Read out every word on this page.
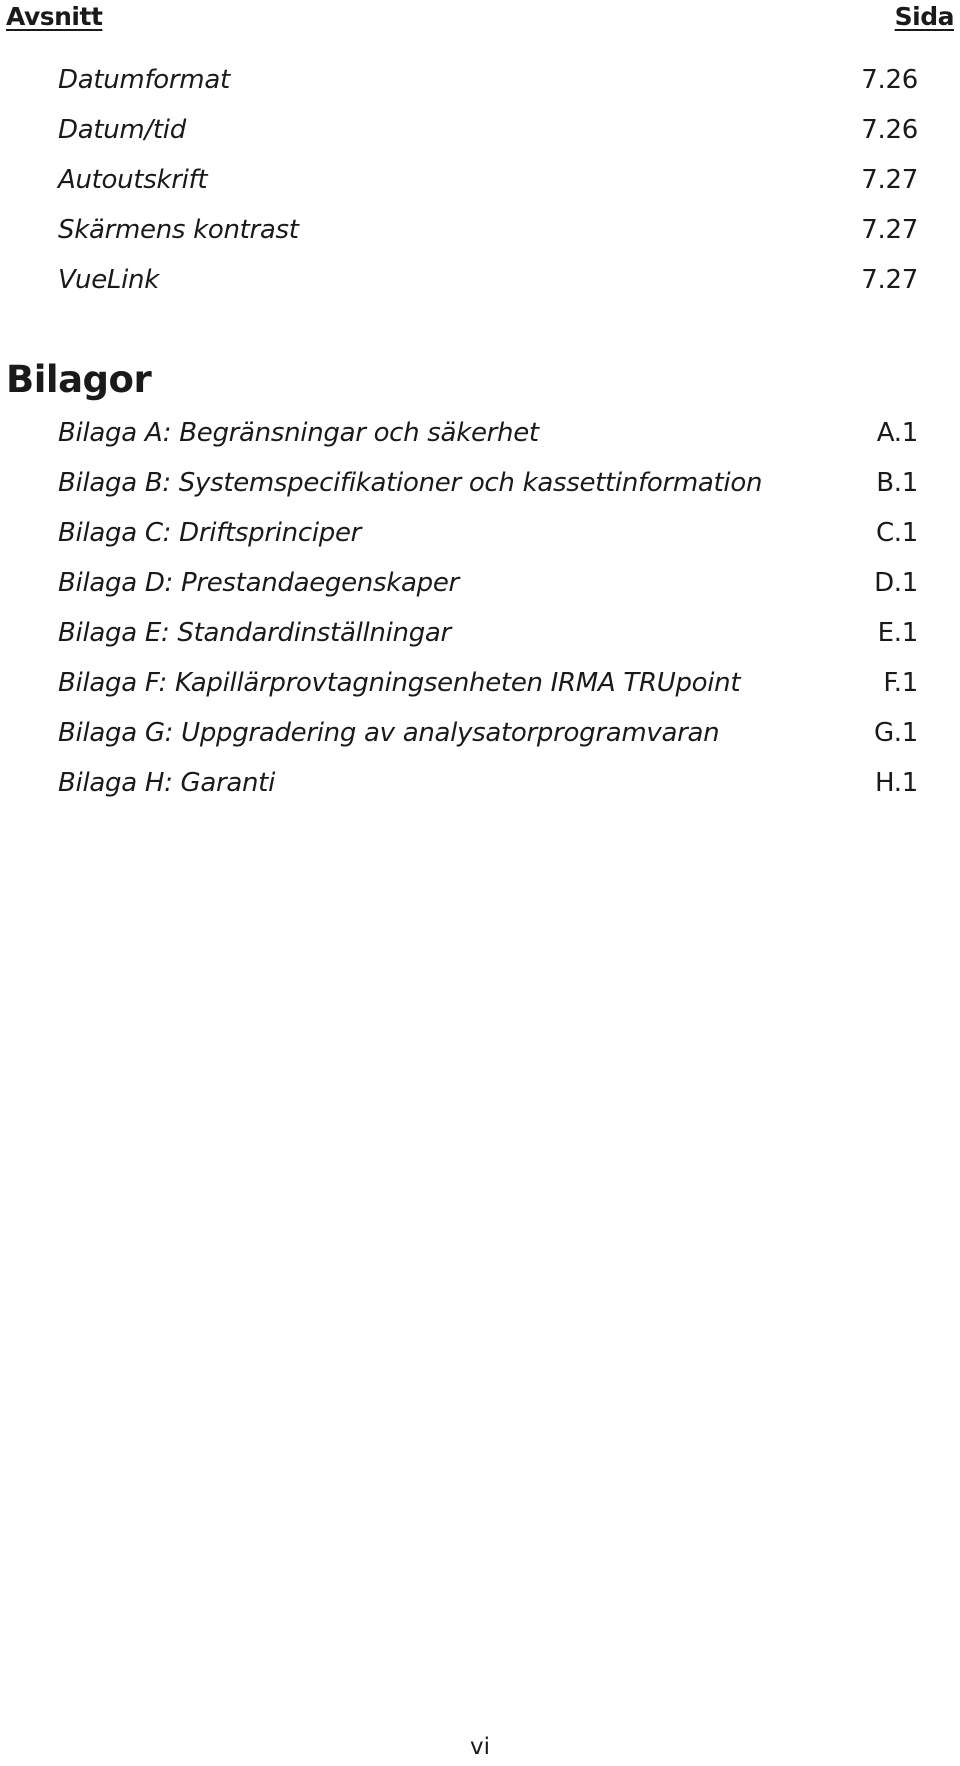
Avsnitt	Sida
Datumformat	7.26
Datum/tid	7.26
Autoutskrift	7.27
Skärmens kontrast	7.27
VueLink	7.27
Bilagor
Bilaga A: Begränsningar och säkerhet	A.1
Bilaga B: Systemspecifikationer och kassettinformation	B.1
Bilaga C: Driftsprinciper	C.1
Bilaga D: Prestandaegenskaper	D.1
Bilaga E: Standardinställningar	E.1
Bilaga F: Kapillärprovtagningsenheten IRMA TRUpoint	F.1
Bilaga G: Uppgradering av analysatorprogramvaran	G.1
Bilaga H: Garanti	H.1
vi
